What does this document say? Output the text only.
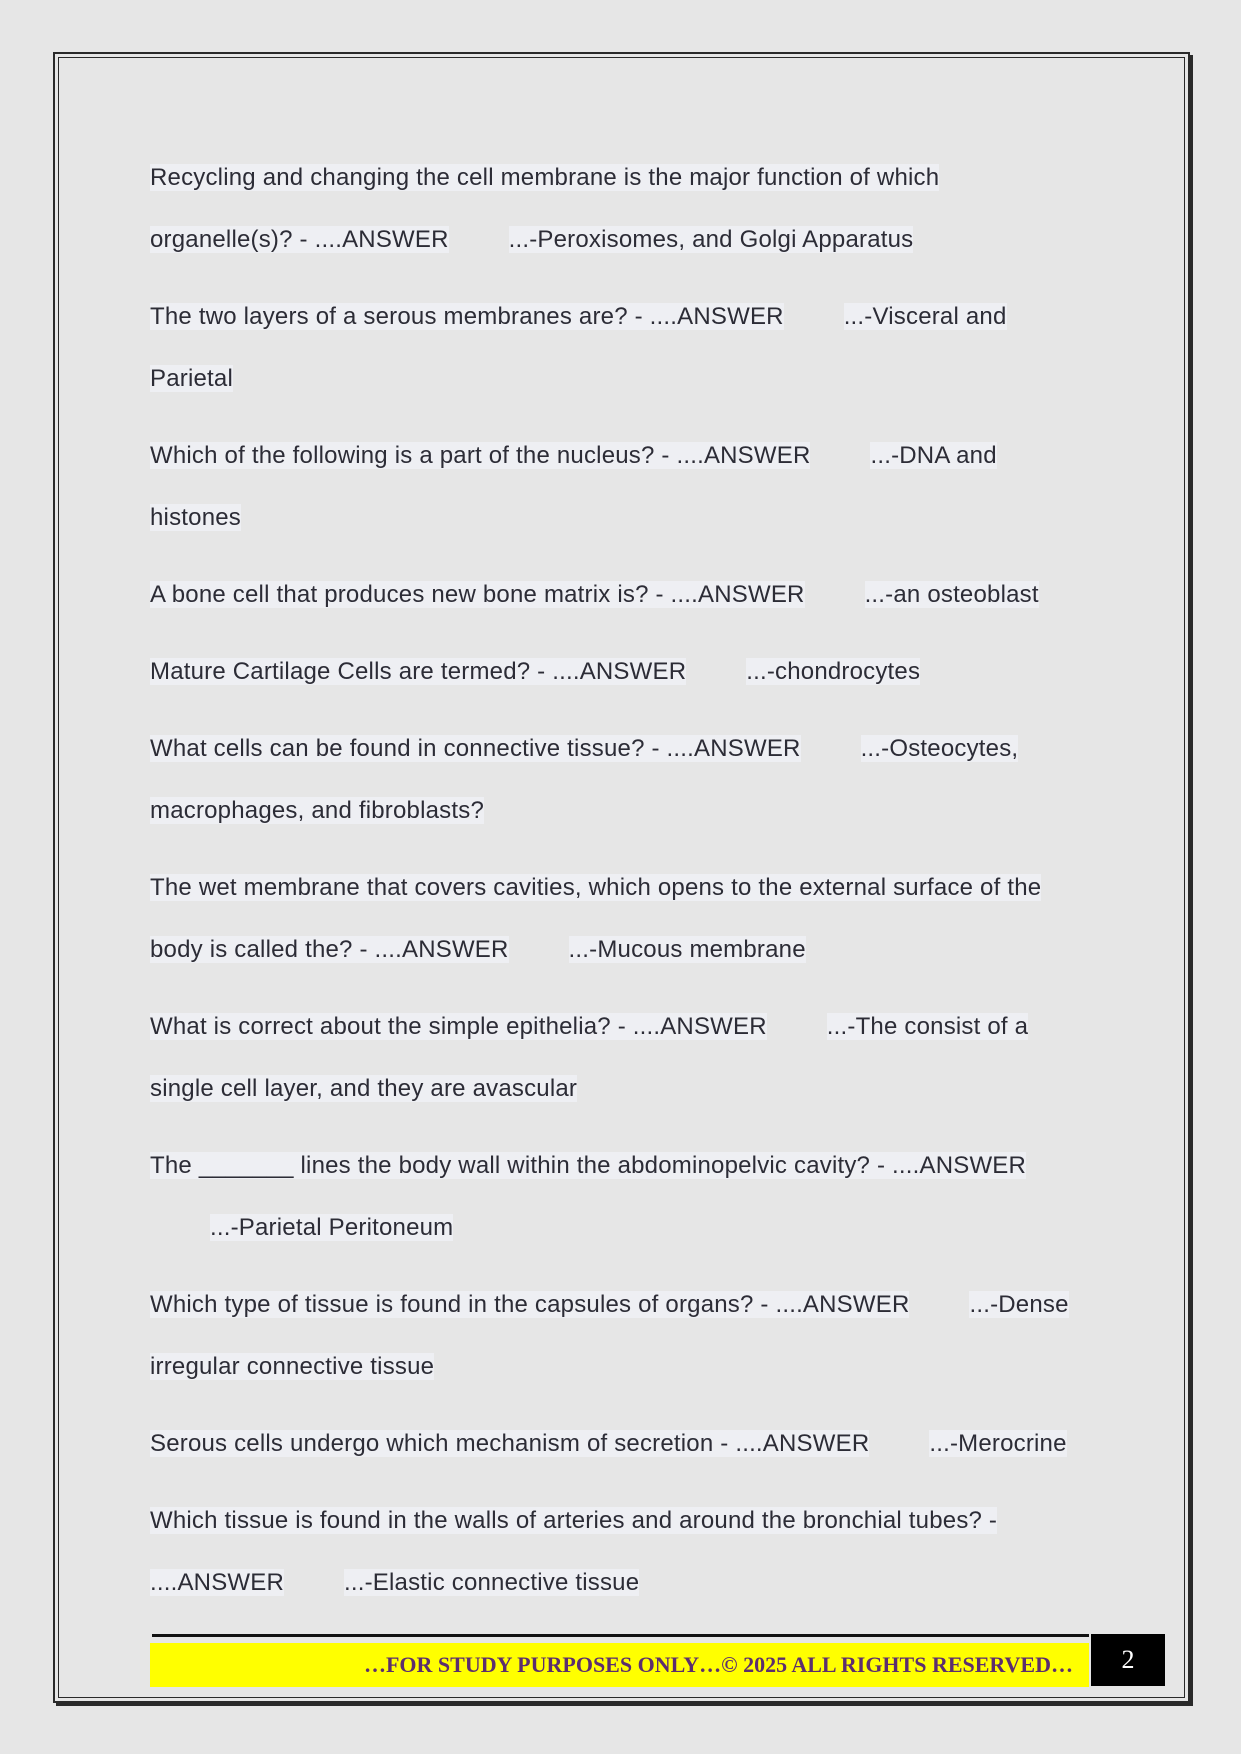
Recycling and changing the cell membrane is the major function of which organelle(s)? - ....ANSWER	...-Peroxisomes, and Golgi Apparatus

The two layers of a serous membranes are? - ....ANSWER	...-Visceral and Parietal

Which of the following is a part of the nucleus? - ....ANSWER	...-DNA and histones

A bone cell that produces new bone matrix is? - ....ANSWER	...-an osteoblast

Mature Cartilage Cells are termed? - ....ANSWER	...-chondrocytes

What cells can be found in connective tissue? - ....ANSWER	...-Osteocytes, macrophages, and fibroblasts?

The wet membrane that covers cavities, which opens to the external surface of the body is called the? - ....ANSWER	...-Mucous membrane

What is correct about the simple epithelia? - ....ANSWER	...-The consist of a single cell layer, and they are avascular

The _______ lines the body wall within the abdominopelvic cavity? - ....ANSWER...-Parietal Peritoneum

Which type of tissue is found in the capsules of organs? - ....ANSWER	...-Dense irregular connective tissue

Serous cells undergo which mechanism of secretion - ....ANSWER	...-Merocrine

Which tissue is found in the walls of arteries and around the bronchial tubes? - ....ANSWER	...-Elastic connective tissue

…FOR STUDY PURPOSES ONLY…© 2025 ALL RIGHTS RESERVED… 2
